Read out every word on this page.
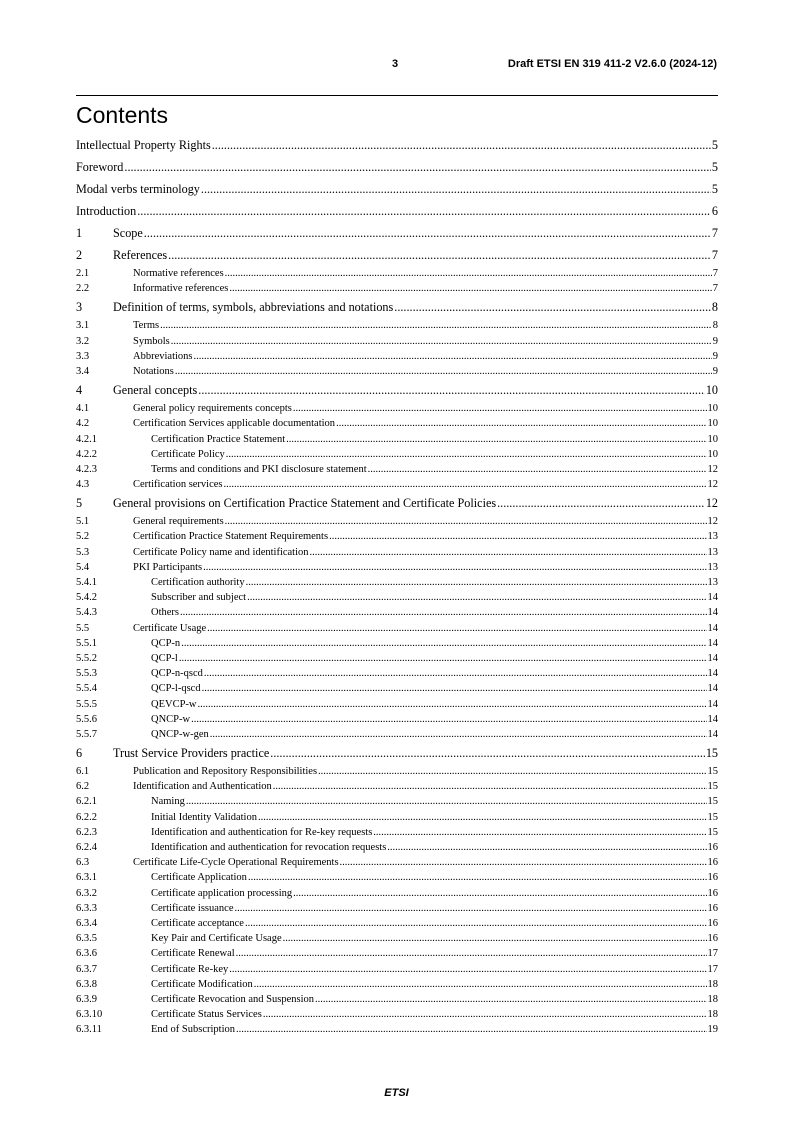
3	Draft ETSI EN 319 411-2 V2.6.0 (2024-12)
Contents
Intellectual Property Rights .....	5
Foreword .....	5
Modal verbs terminology .....	5
Introduction .....	6
1	Scope .....	7
2	References .....	7
2.1	Normative references .....	7
2.2	Informative references .....	7
3	Definition of terms, symbols, abbreviations and notations .....	8
3.1	Terms .....	8
3.2	Symbols .....	9
3.3	Abbreviations .....	9
3.4	Notations .....	9
4	General concepts .....	10
4.1	General policy requirements concepts .....	10
4.2	Certification Services applicable documentation .....	10
4.2.1	Certification Practice Statement .....	10
4.2.2	Certificate Policy .....	10
4.2.3	Terms and conditions and PKI disclosure statement .....	12
4.3	Certification services .....	12
5	General provisions on Certification Practice Statement and Certificate Policies .....	12
5.1	General requirements .....	12
5.2	Certification Practice Statement Requirements .....	13
5.3	Certificate Policy name and identification .....	13
5.4	PKI Participants .....	13
5.4.1	Certification authority .....	13
5.4.2	Subscriber and subject .....	14
5.4.3	Others .....	14
5.5	Certificate Usage .....	14
5.5.1	QCP-n .....	14
5.5.2	QCP-l .....	14
5.5.3	QCP-n-qscd .....	14
5.5.4	QCP-l-qscd .....	14
5.5.5	QEVCP-w .....	14
5.5.6	QNCP-w .....	14
5.5.7	QNCP-w-gen .....	14
6	Trust Service Providers practice .....	15
6.1	Publication and Repository Responsibilities .....	15
6.2	Identification and Authentication .....	15
6.2.1	Naming .....	15
6.2.2	Initial Identity Validation .....	15
6.2.3	Identification and authentication for Re-key requests .....	15
6.2.4	Identification and authentication for revocation requests .....	16
6.3	Certificate Life-Cycle Operational Requirements .....	16
6.3.1	Certificate Application .....	16
6.3.2	Certificate application processing .....	16
6.3.3	Certificate issuance .....	16
6.3.4	Certificate acceptance .....	16
6.3.5	Key Pair and Certificate Usage .....	16
6.3.6	Certificate Renewal .....	17
6.3.7	Certificate Re-key .....	17
6.3.8	Certificate Modification .....	18
6.3.9	Certificate Revocation and Suspension .....	18
6.3.10	Certificate Status Services .....	18
6.3.11	End of Subscription .....	19
ETSI
